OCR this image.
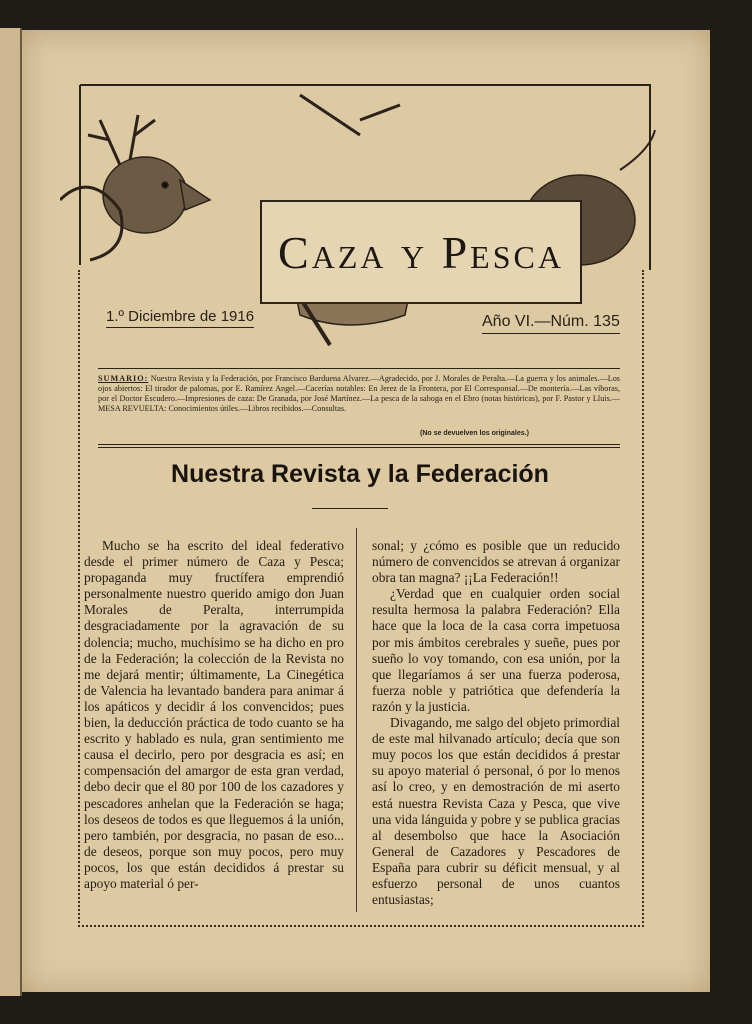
Caza y Pesca
1.º Diciembre de 1916	Año VI.—Núm. 135
SUMARIO: Nuestra Revista y la Federación, por Francisco Barduena Alvarez.—Agradecido, por J. Morales de Peralta.—La guerra y los animales.—Los ojos abiertos: El tirador de palomas, por E. Ramírez Angel.—Cacerías notables: En Jerez de la Frontera, por El Corresponsal.—De montería.—Las víboras, por el Doctor Escudero.—Impresiones de caza: De Granada, por José Martínez.—La pesca de la saboga en el Ebro (notas históricas), por F. Pastor y Lluis.—MESA REVUELTA: Conocimientos útiles.—Libros recibidos.—Consultas.
(No se devuelven los originales.)
Nuestra Revista y la Federación

Mucho se ha escrito del ideal federativo desde el primer número de Caza y Pesca; propaganda muy fructífera emprendió personalmente nuestro querido amigo don Juan Morales de Peralta, interrumpida desgraciadamente por la agravación de su dolencia; mucho, muchísimo se ha dicho en pro de la Federación; la colección de la Revista no me dejará mentir; últimamente, La Cinegética de Valencia ha levantado bandera para animar á los apáticos y decidir á los convencidos; pues bien, la deducción práctica de todo cuanto se ha escrito y hablado es nula, gran sentimiento me causa el decirlo, pero por desgracia es así; en compensación del amargor de esta gran verdad, debo decir que el 80 por 100 de los cazadores y pescadores anhelan que la Federación se haga; los deseos de todos es que lleguemos á la unión, pero también, por desgracia, no pasan de eso... de deseos, porque son muy pocos, pero muy pocos, los que están decididos á prestar su apoyo material ó per-

sonal; y ¿cómo es posible que un reducido número de convencidos se atrevan á organizar obra tan magna? ¡¡La Federación!!

¿Verdad que en cualquier orden social resulta hermosa la palabra Federación? Ella hace que la loca de la casa corra impetuosa por mis ámbitos cerebrales y sueñe, pues por sueño lo voy tomando, con esa unión, por la que llegaríamos á ser una fuerza poderosa, fuerza noble y patriótica que defendería la razón y la justicia.

Divagando, me salgo del objeto primordial de este mal hilvanado artículo; decía que son muy pocos los que están decididos á prestar su apoyo material ó personal, ó por lo menos así lo creo, y en demostración de mi aserto está nuestra Revista Caza y Pesca, que vive una vida lánguida y pobre y se publica gracias al desembolso que hace la Asociación General de Cazadores y Pescadores de España para cubrir su déficit mensual, y al esfuerzo personal de unos cuantos entusiastas;
